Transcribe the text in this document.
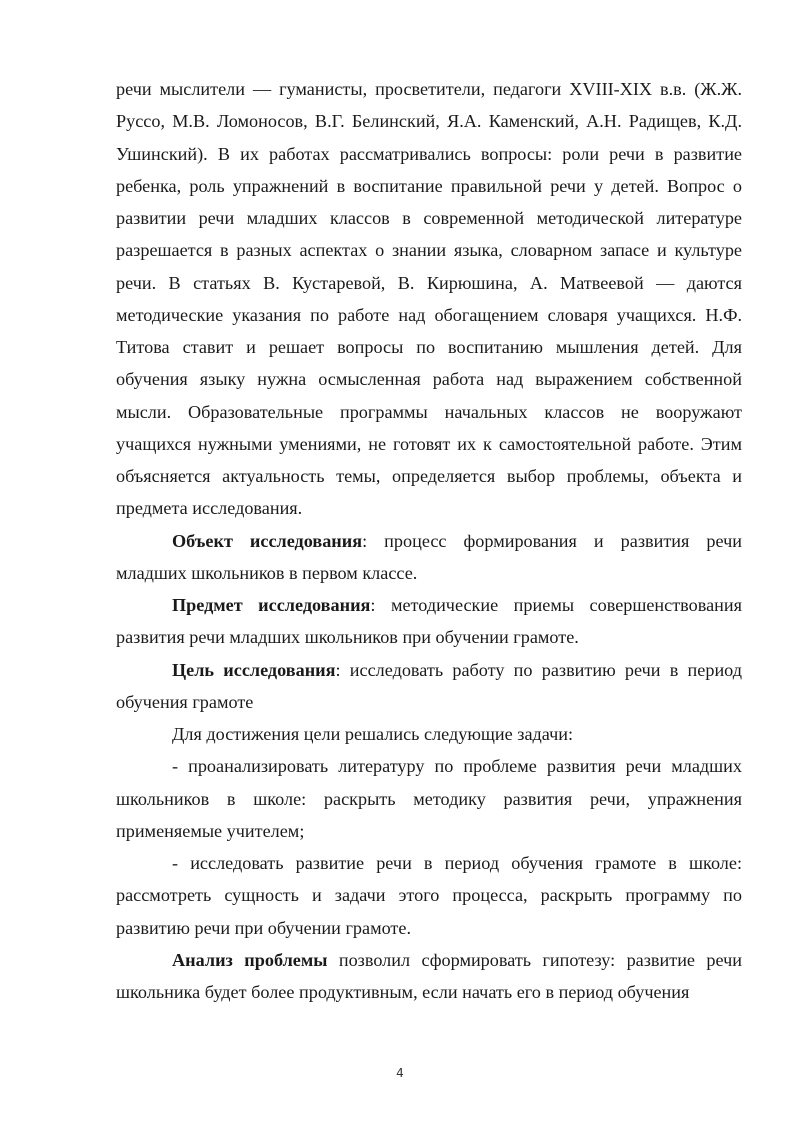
речи мыслители — гуманисты, просветители, педагоги XVIII-XIX в.в. (Ж.Ж. Руссо, М.В. Ломоносов, В.Г. Белинский, Я.А. Каменский, А.Н. Радищев, К.Д. Ушинский). В их работах рассматривались вопросы: роли речи в развитие ребенка, роль упражнений в воспитание правильной речи у детей. Вопрос о развитии речи младших классов в современной методической литературе разрешается в разных аспектах о знании языка, словарном запасе и культуре речи. В статьях В. Кустаревой, В. Кирюшина, А. Матвеевой — даются методические указания по работе над обогащением словаря учащихся. Н.Ф. Титова ставит и решает вопросы по воспитанию мышления детей. Для обучения языку нужна осмысленная работа над выражением собственной мысли. Образовательные программы начальных классов не вооружают учащихся нужными умениями, не готовят их к самостоятельной работе. Этим объясняется актуальность темы, определяется выбор проблемы, объекта и предмета исследования.

Объект исследования: процесс формирования и развития речи младших школьников в первом классе.

Предмет исследования: методические приемы совершенствования развития речи младших школьников при обучении грамоте.

Цель исследования: исследовать работу по развитию речи в период обучения грамоте

Для достижения цели решались следующие задачи:

- проанализировать литературу по проблеме развития речи младших школьников в школе: раскрыть методику развития речи, упражнения применяемые учителем;

- исследовать развитие речи в период обучения грамоте в школе: рассмотреть сущность и задачи этого процесса, раскрыть программу по развитию речи при обучении грамоте.

Анализ проблемы позволил сформировать гипотезу: развитие речи школьника будет более продуктивным, если начать его в период обучения

4
